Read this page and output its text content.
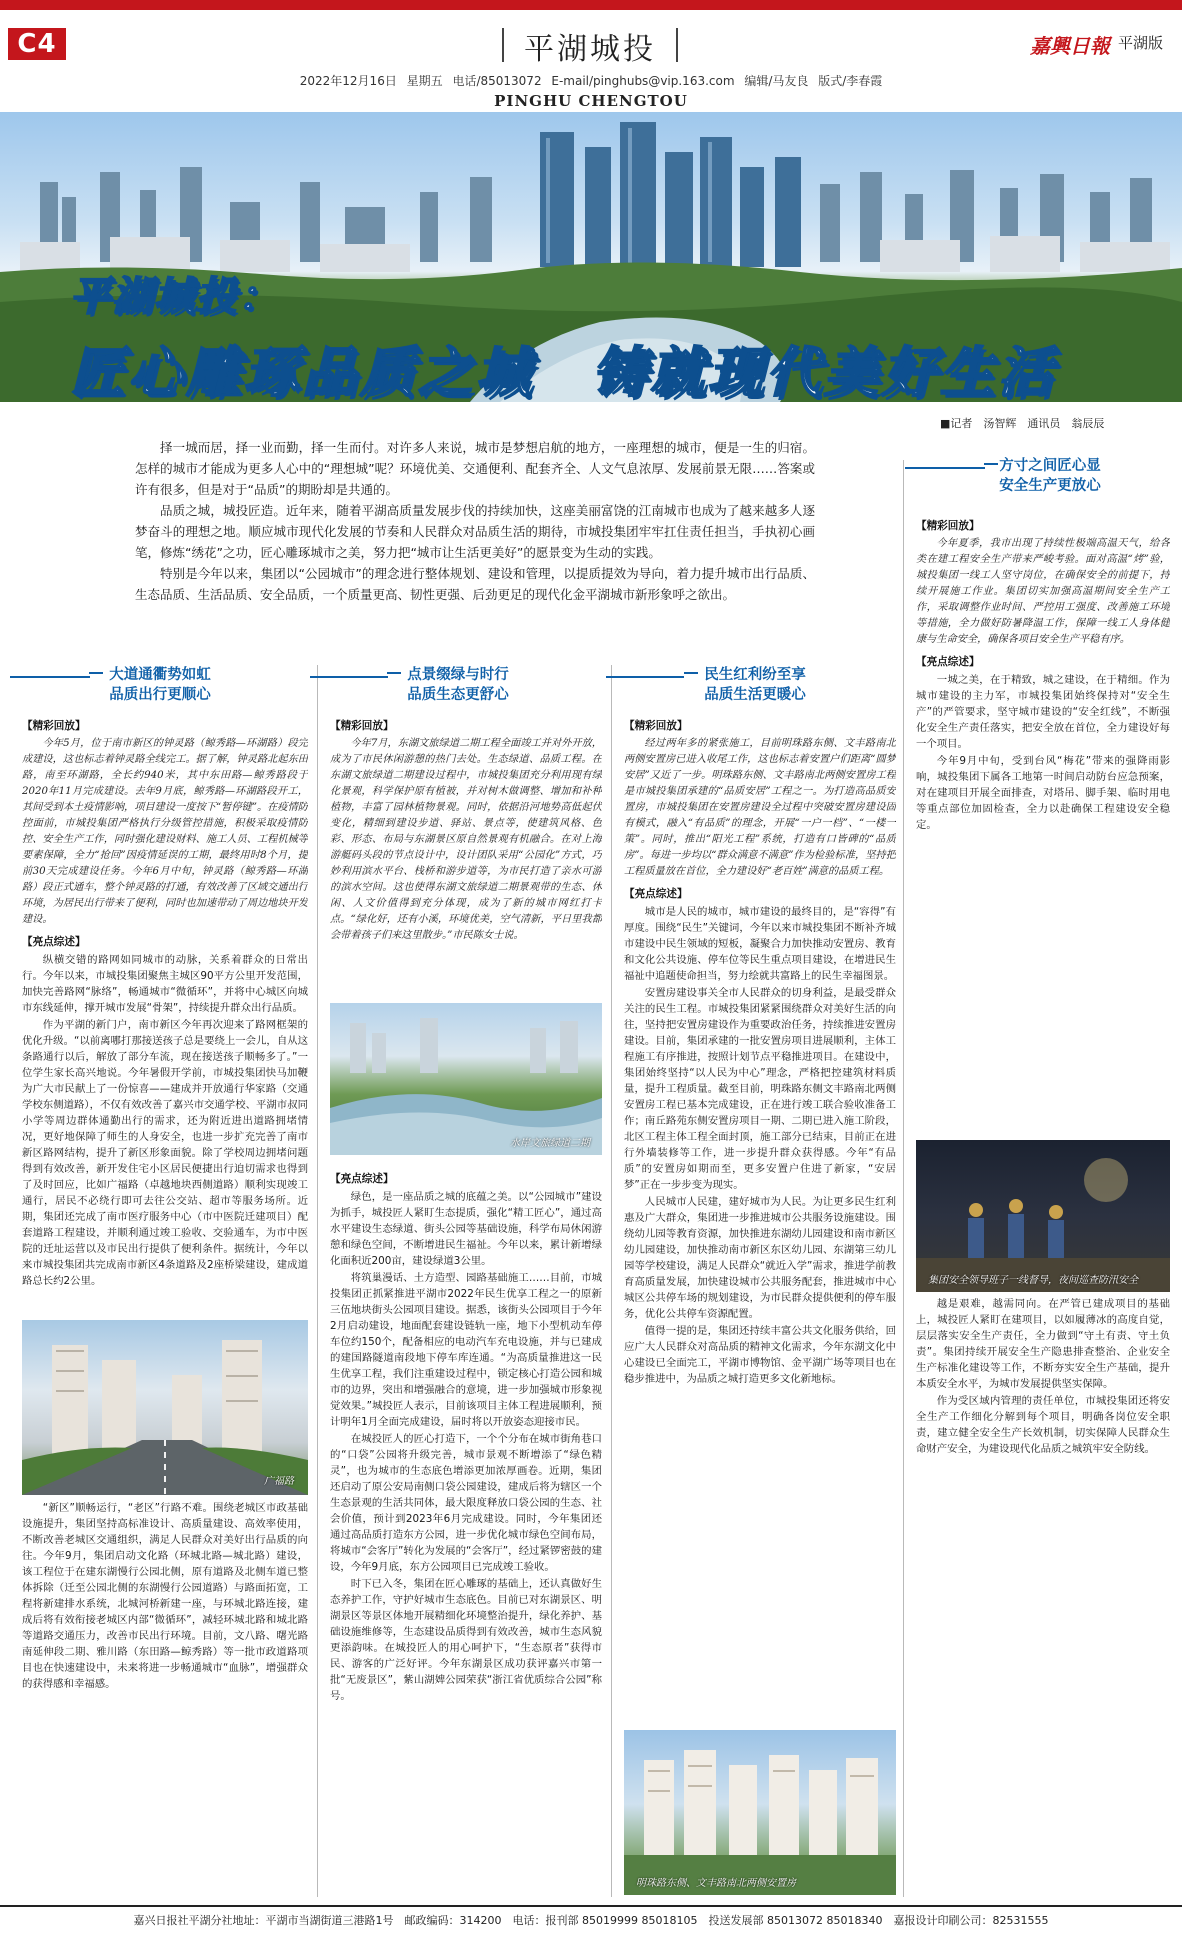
C4	平湖城投	嘉興日報 平湖版
2022年12月16日 星期五 电话/85013072 E-mail/pinghubs@vip.163.com 编辑/马友良 版式/李春霞
PINGHU CHENGTOU
平湖城投：
匠心雕琢品质之城　铸就现代美好生活
■记者　汤智辉　通讯员　翁辰辰

择一城而居，择一业而勤，择一生而付。对许多人来说，城市是梦想启航的地方，一座理想的城市，便是一生的归宿。怎样的城市才能成为更多人心中的“理想城”呢？环境优美、交通便利、配套齐全、人文气息浓厚、发展前景无限……答案或许有很多，但是对于“品质”的期盼却是共通的。

品质之城，城投匠造。近年来，随着平湖高质量发展步伐的持续加快，这座美丽富饶的江南城市也成为了越来越多人逐梦奋斗的理想之地。顺应城市现代化发展的节奏和人民群众对品质生活的期待，市城投集团牢牢扛住责任担当，手执初心画笔，修炼“绣花”之功，匠心雕琢城市之美，努力把“城市让生活更美好”的愿景变为生动的实践。

特别是今年以来，集团以“公园城市”的理念进行整体规划、建设和管理，以提质提效为导向，着力提升城市出行品质、生态品质、生活品质、安全品质，一个质量更高、韧性更强、后劲更足的现代化金平湖城市新形象呼之欲出。

方寸之间匠心显
安全生产更放心
大道通衢势如虹
品质出行更顺心
【精彩回放】

今年5月，位于南市新区的钟灵路（鲸秀路—环湖路）段完成建设，这也标志着钟灵路全线完工。据了解，钟灵路北起东田路，南至环湖路，全长约940米，其中东田路—鲸秀路段于2020年11月完成建设。去年9月底，鲸秀路—环湖路段开工，其间受到本土疫情影响，项目建设一度按下“暂停键”。在疫情防控面前，市城投集团严格执行分级管控措施，积极采取疫情防控、安全生产工作，同时强化建设财料、施工人员、工程机械等要素保障，全力“抢回”因疫情延误的工期，最终用时8个月，提前30天完成建设任务。今年6月中旬，钟灵路（鲸秀路—环湖路）段正式通车，整个钟灵路的打通，有效改善了区域交通出行环境，为居民出行带来了便利，同时也加速带动了周边地块开发建设。

【亮点综述】

纵横交错的路网如同城市的动脉，关系着群众的日常出行。今年以来，市城投集团聚焦主城区90平方公里开发范围，加快完善路网“脉络”，畅通城市“微循环”，并将中心城区向城市东线延伸，撑开城市发展“骨架”，持续提升群众出行品质。

作为平湖的新门户，南市新区今年再次迎来了路网框架的优化升级。“以前离哪打那接送孩子总是要绕上一会儿，自从这条路通行以后，解放了部分车流，现在接送孩子顺畅多了。”一位学生家长高兴地说。今年暑假开学前，市城投集团快马加鞭为广大市民献上了一份惊喜——建成并开放通行华家路（交通学校东侧道路），不仅有效改善了嘉兴市交通学校、平湖市叔同小学等周边群体通勤出行的需求，还为附近进出道路拥堵情况，更好地保障了师生的人身安全，也进一步扩充完善了南市新区路网结构，提升了新区形象面貌。除了学校周边拥堵问题得到有效改善，新开发住宅小区居民便捷出行迫切需求也得到了及时回应，比如广福路（卓越地块西侧道路）顺利实现竣工通行，居民不必绕行即可去往公交站、超市等服务场所。近期，集团还完成了南市医疗服务中心（市中医院迁建项目）配套道路工程建设，并顺利通过竣工验收、交验通车，为市中医院的迁址运营以及市民出行提供了便利条件。据统计，今年以来市城投集团共完成南市新区4条道路及2座桥梁建设，建成道路总长约2公里。

广福路

“新区”顺畅运行，“老区”行路不难。围绕老城区市政基础设施提升，集团坚持高标准设计、高质量建设、高效率使用，不断改善老城区交通组织，满足人民群众对美好出行品质的向往。今年9月，集团启动文化路（环城北路—城北路）建设，该工程位于在建东湖慢行公园北侧，原有道路及北侧车道已整体拆除（迁至公园北侧的东湖慢行公园道路）与路面拓宽，工程将新建排水系统，北城河桥新建一座，与环城北路连接，建成后将有效衔接老城区内部“微循环”，减轻环城北路和城北路等道路交通压力，改善市民出行环境。目前，文八路、曙光路南延伸段二期、雅川路（东田路—鲸秀路）等一批市政道路项目也在快速建设中，未来将进一步畅通城市“血脉”，增强群众的获得感和幸福感。

点景缀绿与时行
品质生态更舒心
【精彩回放】

今年7月，东湖文旅绿道二期工程全面竣工并对外开放，成为了市民休闲游憩的热门去处。生态绿道、品质工程。在东湖文旅绿道二期建设过程中，市城投集团充分利用现有绿化景观，科学保护原有植被，并对树木做调整、增加和补种植物，丰富了园林植物景观。同时，依据沿河地势高低起伏变化，精细到建设步道、驿站、景点等，使建筑风格、色彩、形态、布局与东湖景区原自然景观有机融合。在对上海游艇码头段的节点设计中，设计团队采用“公园化”方式，巧妙利用滨水平台、栈桥和游步道等，为市民打造了亲水可游的滨水空间。这也使得东湖文旅绿道二期景观带的生态、休闲、人文价值得到充分体现，成为了新的城市网红打卡点。“绿化好，还有小溪，环境优美，空气清新，平日里我都会带着孩子们来这里散步。”市民陈女士说。

水岸文旅绿道二期
【亮点综述】

绿色，是一座品质之城的底蕴之美。以“公园城市”建设为抓手，城投匠人紧盯生态提质，强化“精工匠心”，通过高水平建设生态绿道、街头公园等基础设施，科学布局休闲游憩和绿色空间，不断增进民生福祉。今年以来，累计新增绿化面积近200亩，建设绿道3公里。

将筑巢漫话、土方造型、园路基础施工……目前，市城投集团正抓紧推进平湖市2022年民生优享工程之一的原新三伍地块街头公园项目建设。据悉，该街头公园项目于今年2月启动建设，地面配套建设链轨一座，地下小型机动车停车位约150个，配备相应的电动汽车充电设施，并与已建成的建国路隧道南段地下停车库连通。“为高质量推进这一民生优享工程，我们注重建设过程中，锁定核心打造公园和城市的边界，突出和增强融合的意境，进一步加强城市形象视觉效果。”城投匠人表示，目前该项目主体工程进展顺利，预计明年1月全面完成建设，届时将以开放姿态迎接市民。

在城投匠人的匠心打造下，一个个分布在城市街角巷口的“口袋”公园将升级完善，城市景观不断增添了“绿色精灵”，也为城市的生态底色增添更加浓厚画卷。近期，集团还启动了原公安局南侧口袋公园建设，建成后将为辖区一个生态景观的生活共同体，最大限度释放口袋公园的生态、社会价值，预计到2023年6月完成建设。同时，今年集团还通过高品质打造东方公园，进一步优化城市绿色空间布局，将城市“会客厅”转化为发展的“会客厅”，经过紧锣密鼓的建设，今年9月底，东方公园项目已完成竣工验收。

时下已入冬，集团在匠心雕琢的基础上，还认真做好生态养护工作，守护好城市生态底色。目前已对东湖景区、明湖景区等景区体地开展精细化环境整治提升，绿化养护、基础设施维修等，生态建设品质得到有效改善，城市生态风貌更添韵味。在城投匠人的用心呵护下，“生态原者”获得市民、游客的广泛好评。今年东湖景区成功获评嘉兴市第一批“无废景区”，紫山湖婢公园荣获“浙江省优质综合公园”称号。

民生红利纷至享
品质生活更暖心
【精彩回放】

经过两年多的紧张施工，目前明珠路东侧、文丰路南北两侧安置房已进入收尾工作，这也标志着安置户们距离“圆梦安居”又近了一步。明珠路东侧、文丰路南北两侧安置房工程是市城投集团承建的“品质安居”工程之一。为打造高品质安置房，市城投集团在安置房建设全过程中突破安置房建设固有模式，融入“有品质”的理念，开展“一户一档”、“一楼一策”。同时，推出“阳光工程”系统，打造有口皆碑的“品质房”。每进一步均以“群众满意不满意”作为检验标准，坚持把工程质量放在首位，全力建设好“老百姓”满意的品质工程。

【亮点综述】

城市是人民的城市，城市建设的最终目的，是“容得”有厚度。围绕“民生”关键词，今年以来市城投集团不断补齐城市建设中民生领域的短板，凝聚合力加快推动安置房、教育和文化公共设施、停车位等民生重点项目建设，在增进民生福祉中追题使命担当，努力绘就共富路上的民生幸福图景。

安置房建设事关全市人民群众的切身利益，是最受群众关注的民生工程。市城投集团紧紧围绕群众对美好生活的向往，坚持把安置房建设作为重要政治任务，持续推进安置房建设。目前，集团承建的一批安置房项目进展顺利，主体工程施工有序推进，按照计划节点平稳推进项目。在建设中，集团始终坚持“以人民为中心”理念，严格把控建筑材料质量，提升工程质量。截至目前，明珠路东侧文丰路南北两侧安置房工程已基本完成建设，正在进行竣工联合验收准备工作；南丘路苑东侧安置房项目一期、二期已进入施工阶段，北区工程主体工程全面封顶，施工部分已结束，目前正在进行外墙装修等工作，进一步提升群众获得感。今年“有品质”的安置房如期而至，更多安置户住进了新家，“安居梦”正在一步步变为现实。

人民城市人民建，建好城市为人民。为让更多民生红利惠及广大群众，集团进一步推进城市公共服务设施建设。围绕幼儿园等教育资源，加快推进东湖幼儿园建设和南市新区幼儿园建设，加快推动南市新区东区幼儿园、东湖第三幼儿园等学校建设，满足人民群众“就近入学”需求，推进学前教育高质量发展，加快建设城市公共服务配套，推进城市中心城区公共停车场的规划建设，为市民群众提供便利的停车服务，优化公共停车资源配置。

值得一提的是，集团还持续丰富公共文化服务供给，回应广大人民群众对高品质的精神文化需求，今年东湖文化中心建设已全面完工，平湖市博物馆、金平湖广场等项目也在稳步推进中，为品质之城打造更多文化新地标。

明珠路东侧、文丰路南北两侧安置房
【精彩回放】

今年夏季，我市出现了持续性极端高温天气，给各类在建工程安全生产带来严峻考验。面对高温“烤”验，城投集团一线工人坚守岗位，在确保安全的前提下，持续开展施工作业。集团切实加强高温期间安全生产工作，采取调整作业时间、严控用工强度、改善施工环境等措施，全力做好防暑降温工作，保障一线工人身体健康与生命安全，确保各项目安全生产平稳有序。

【亮点综述】

一城之美，在于精致，城之建设，在于精细。作为城市建设的主力军，市城投集团始终保持对“安全生产”的严管要求，坚守城市建设的“安全红线”，不断强化安全生产责任落实，把安全放在首位，全力建设好每一个项目。

今年9月中旬，受到台风“梅花”带来的强降雨影响，城投集团下属各工地第一时间启动防台应急预案，对在建项目开展全面排查，对塔吊、脚手架、临时用电等重点部位加固检查，全力以赴确保工程建设安全稳定。

集团安全领导班子一线督导，夜间巡查防汛安全

越是艰难，越需同向。在严管已建成项目的基础上，城投匠人紧盯在建项目，以如履薄冰的高度自觉，层层落实安全生产责任，全力做到“守土有责、守土负责”。集团持续开展安全生产隐患排查整治、企业安全生产标准化建设等工作，不断夯实安全生产基础，提升本质安全水平，为城市发展提供坚实保障。

作为受区域内管理的责任单位，市城投集团还将安全生产工作细化分解到每个项目，明确各岗位安全职责，建立健全安全生产长效机制，切实保障人民群众生命财产安全，为建设现代化品质之城筑牢安全防线。

嘉兴日报社平湖分社地址：平湖市当湖街道三港路1号　邮政编码：314200　电话：报刊部 85019999 85018105　投送发展部 85013072 85018340　嘉报设计印刷公司：82531555
